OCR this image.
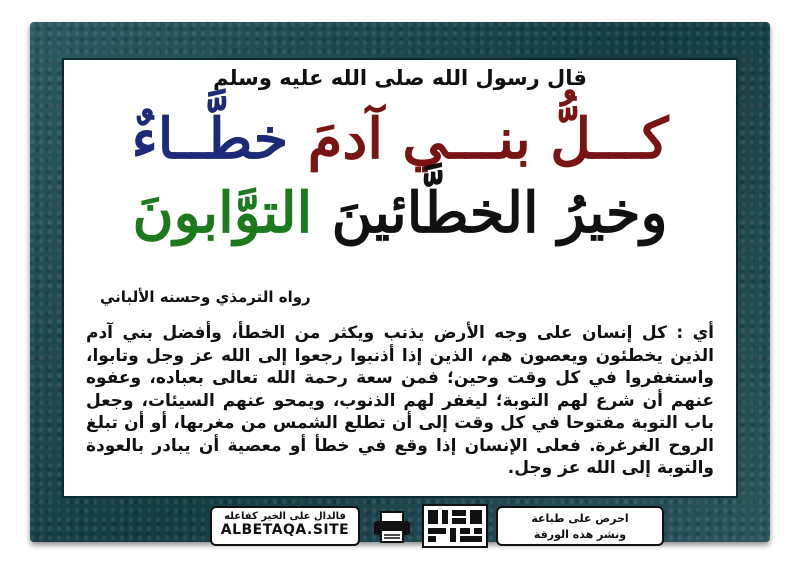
قال رسول الله صلى الله عليه وسلم
كـــلُّ بنـــي آدمَ خطَّــاءٌ
وخيرُ الخطَّائينَ التوَّابونَ
رواه الترمذي وحسنه الألباني
أي : كل إنسان على وجه الأرض يذنب ويكثر من الخطأ، وأفضل بني آدم الذين يخطئون ويعصون هم، الذين إذا أذنبوا رجعوا إلى الله عز وجل وتابوا، واستغفروا في كل وقت وحين؛ فمن سعة رحمة الله تعالى بعباده، وعفوه عنهم أن شرع لهم التوبة؛ ليغفر لهم الذنوب، ويمحو عنهم السيئات، وجعل باب التوبة مفتوحا في كل وقت إلى أن تطلع الشمس من مغربها، أو أن تبلغ الروح الغرغرة. فعلى الإنسان إذا وقع في خطأ أو معصية أن يبادر بالعودة والتوبة إلى الله عز وجل.
فالدال على الخير كفاعله
ALBETAQA.SITE
احرص على طباعة
ونشر هذه الورقة
